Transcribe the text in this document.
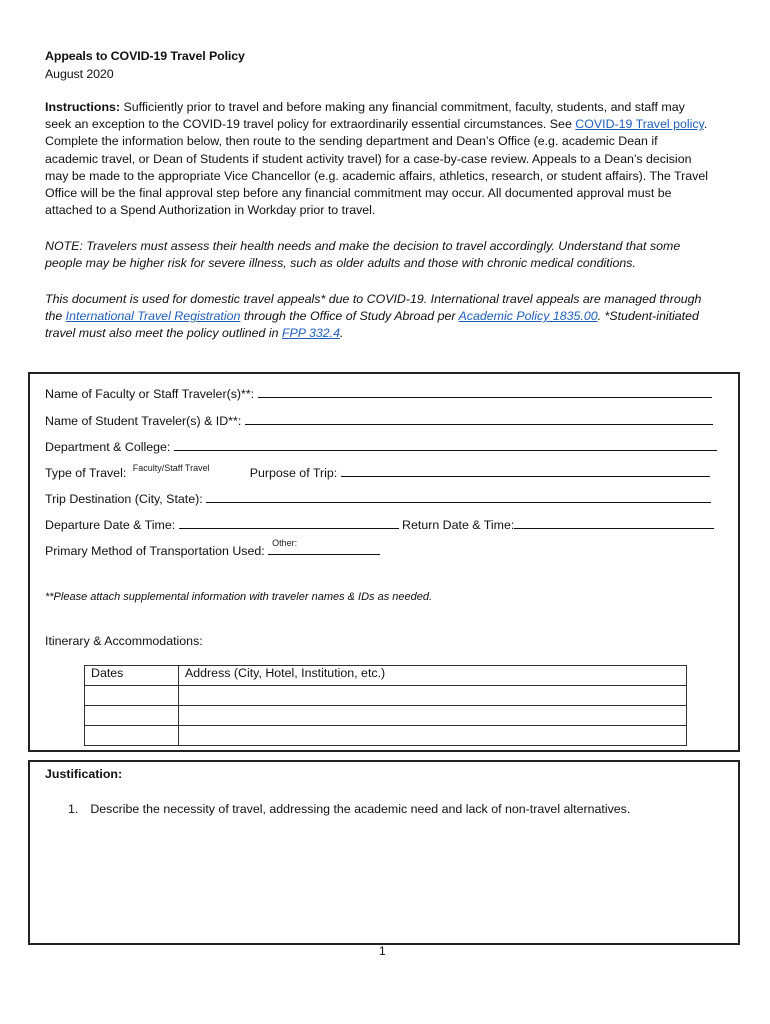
Appeals to COVID-19 Travel Policy
August 2020
Instructions: Sufficiently prior to travel and before making any financial commitment, faculty, students, and staff may
seek an exception to the COVID-19 travel policy for extraordinarily essential circumstances. See COVID-19 Travel policy.
Complete the information below, then route to the sending department and Dean’s Office (e.g. academic Dean if
academic travel, or Dean of Students if student activity travel) for a case-by-case review. Appeals to a Dean’s decision
may be made to the appropriate Vice Chancellor (e.g. academic affairs, athletics, research, or student affairs). The Travel
Office will be the final approval step before any financial commitment may occur. All documented approval must be
attached to a Spend Authorization in Workday prior to travel.
NOTE: Travelers must assess their health needs and make the decision to travel accordingly. Understand that some
people may be higher risk for severe illness, such as older adults and those with chronic medical conditions.
This document is used for domestic travel appeals* due to COVID-19. International travel appeals are managed through
the International Travel Registration through the Office of Study Abroad per Academic Policy 1835.00. *Student-initiated
travel must also meet the policy outlined in FPP 332.4.
Name of Faculty or Staff Traveler(s)**:
Name of Student Traveler(s) & ID**:
Department & College:
Type of Travel: Faculty/Staff Travel	Purpose of Trip:
Trip Destination (City, State):
Departure Date & Time:	Return Date & Time:
Primary Method of Transportation Used:
Other:
**Please attach supplemental information with traveler names & IDs as needed.
Itinerary & Accommodations:
Dates	Address (City, Hotel, Institution, etc.)

Justification:
1. Describe the necessity of travel, addressing the academic need and lack of non-travel alternatives.
1
